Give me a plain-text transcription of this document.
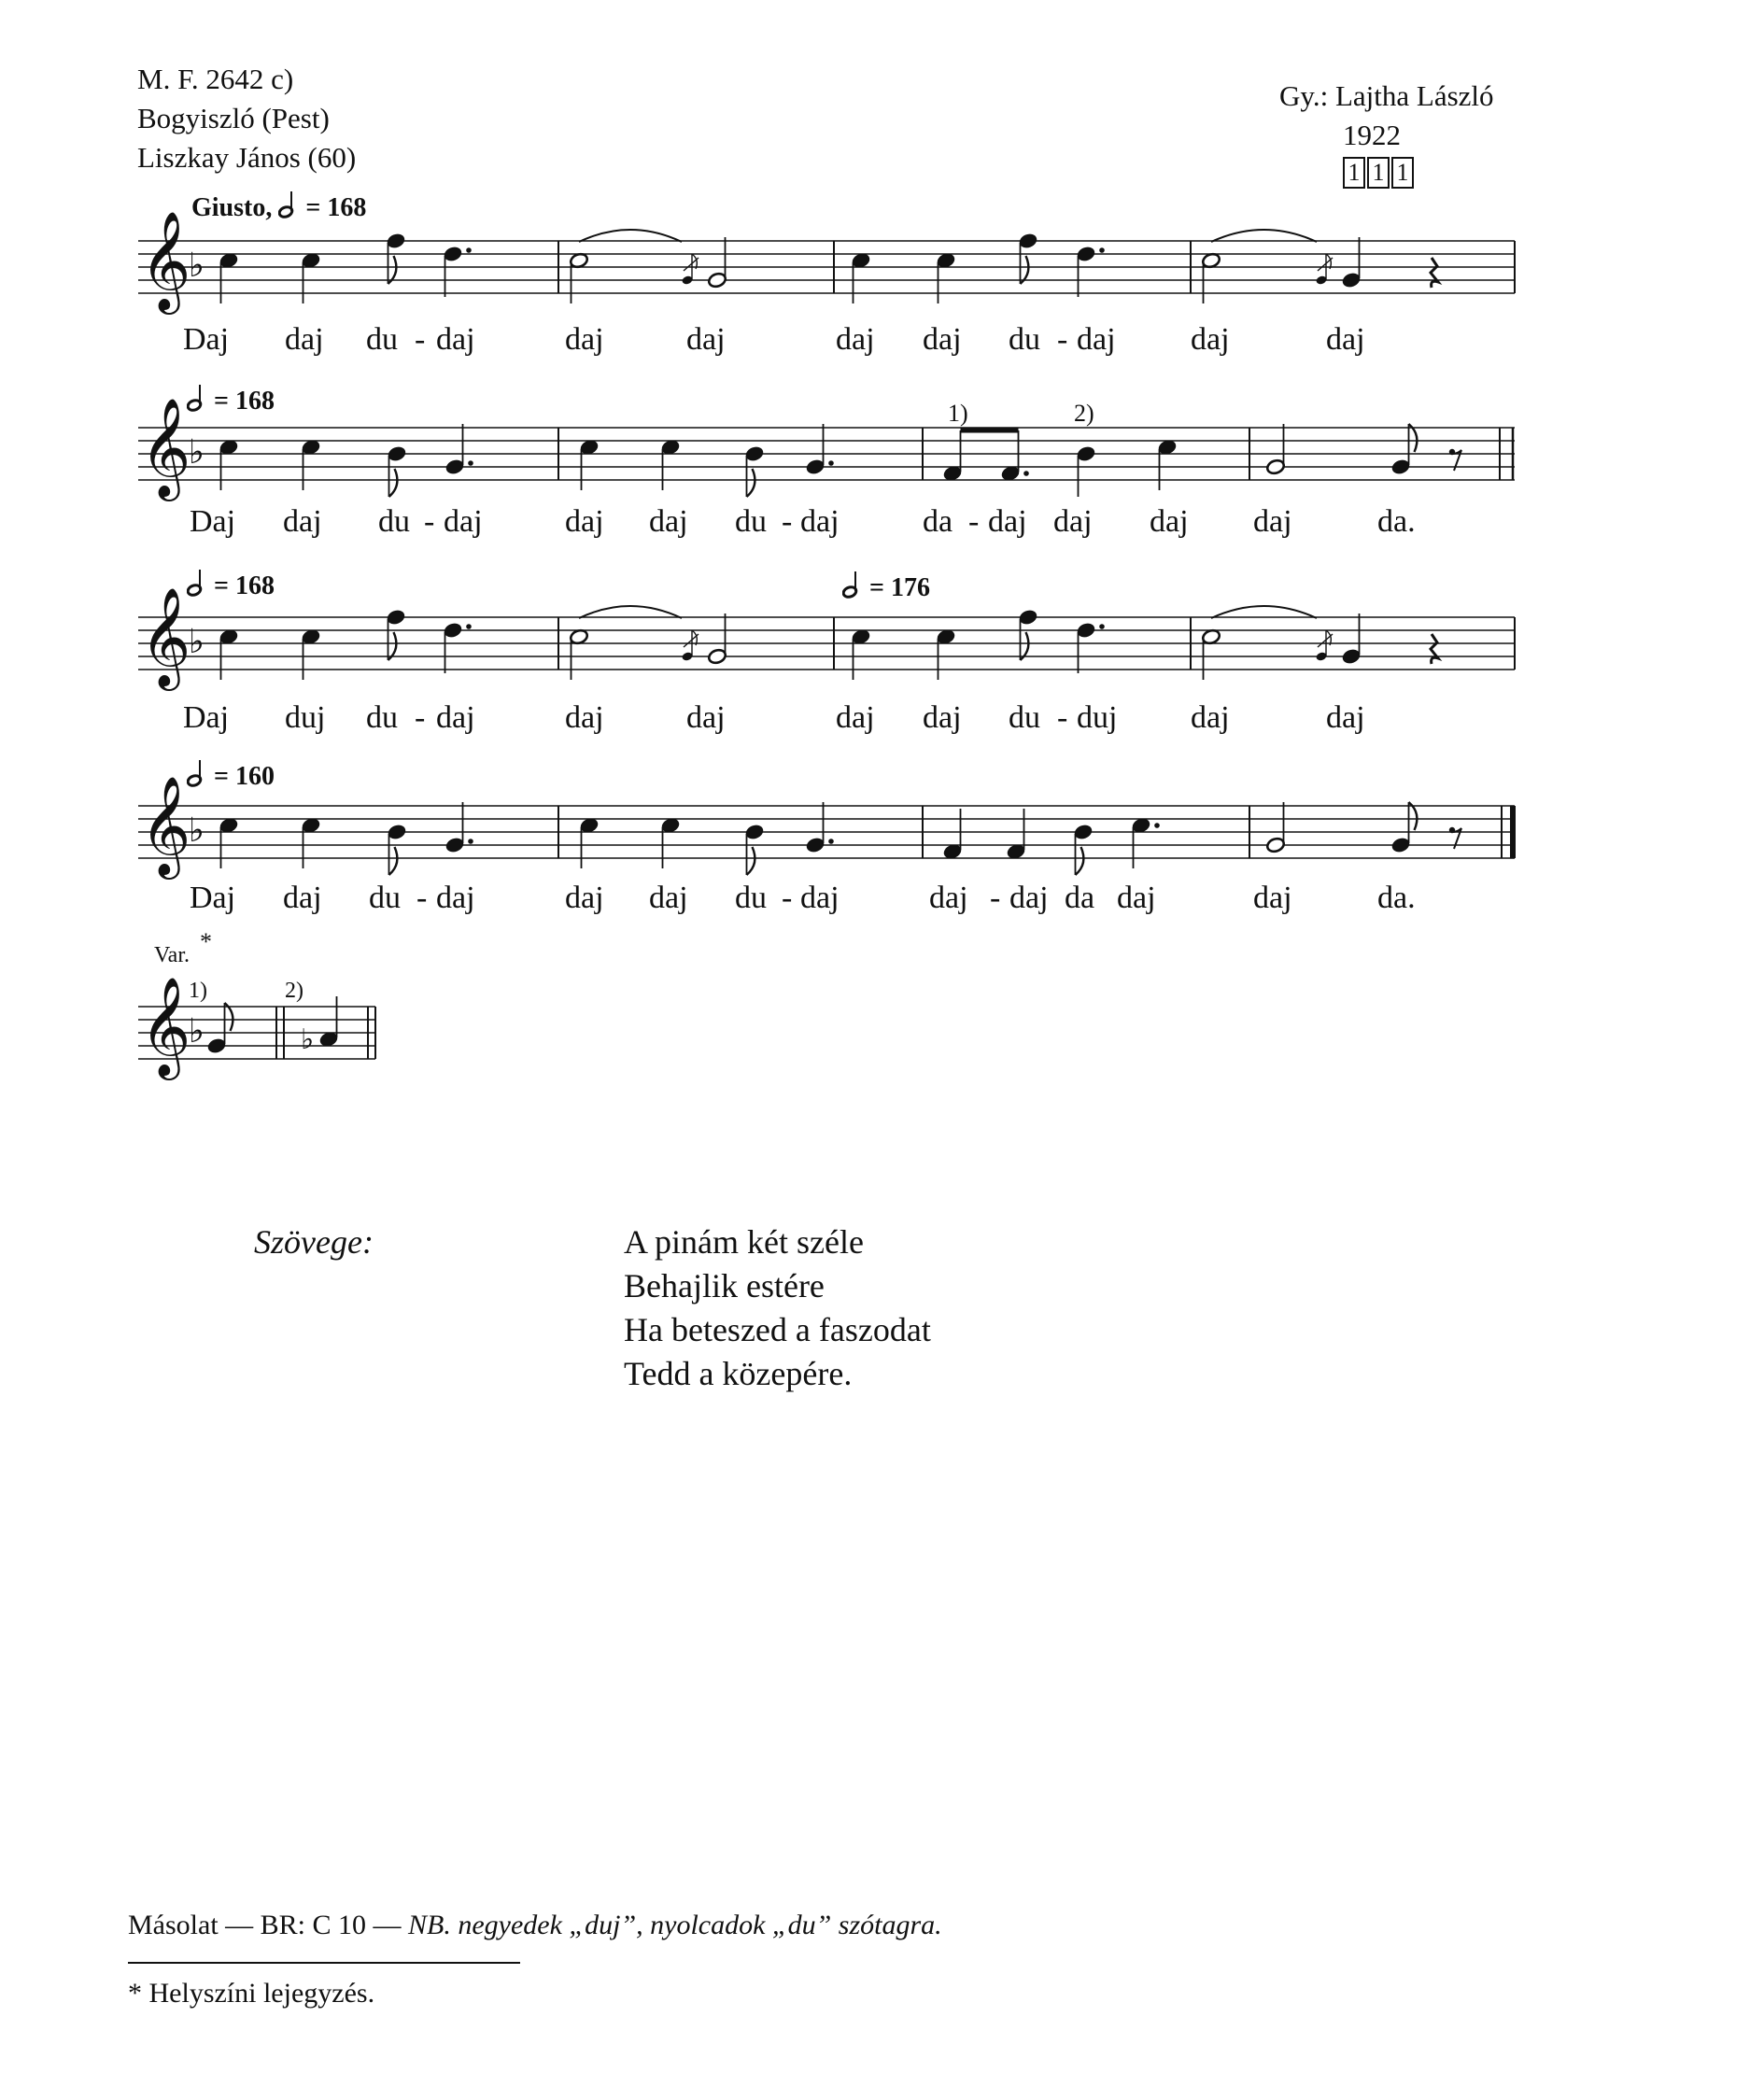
M. F. 2642 c)
Bogyiszló (Pest)
Liszkay János (60)
Gy.: Lajtha László
1922
1 1 1
Giusto, = 168
= 168
= 168	= 176
= 160
𝄞
♭
𝄞
♭
𝄞
♭
𝄞
♭
𝄞
♭	♭
1)	2)
Daj daj du - daj	daj	daj	daj daj du - daj daj	daj
Daj daj du - daj	daj daj du - daj	da - daj daj daj daj	da.
Daj duj du - daj	daj	daj	daj daj du - duj daj	daj
Daj daj du - daj	daj daj du - daj	daj - daj da daj	daj	da.
Var. *
1)	2)
Szövege:	A pinám két széle
Behajlik estére
Ha beteszed a faszodat
Tedd a közepére.
Másolat — BR: C 10 — NB. negyedek „duj”, nyolcadok „du” szótagra.
* Helyszíni lejegyzés.
